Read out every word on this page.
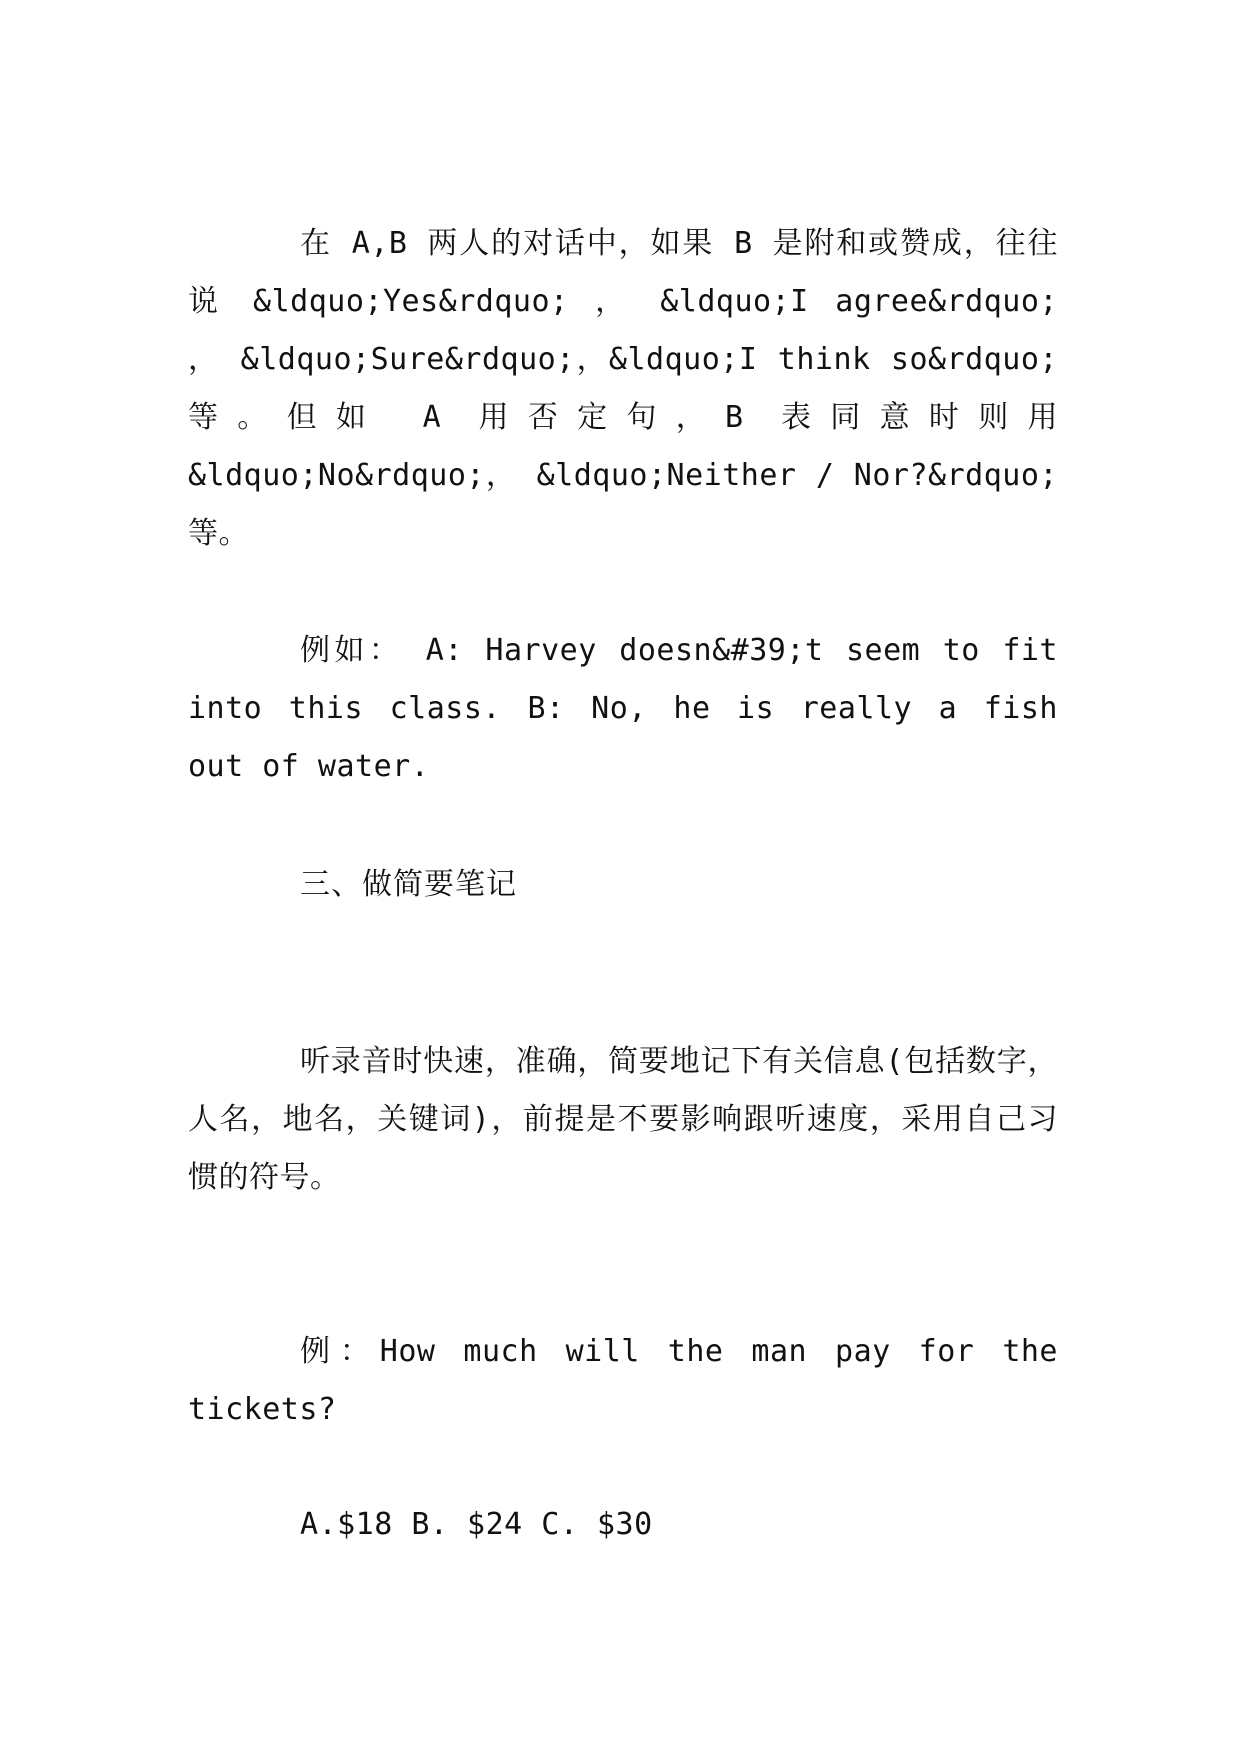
在 A,B 两人的对话中，如果 B 是附和或赞成，往往说 &ldquo;Yes&rdquo; ， &ldquo;I agree&rdquo; ， &ldquo;Sure&rdquo;，&ldquo;I think so&rdquo;等。但如 A 用否定句，B 表同意时则用 &ldquo;No&rdquo;， &ldquo;Neither / Nor?&rdquo;等。

例如： A: Harvey doesn&#39;t seem to fit into this class. B: No, he is really a fish out of water.

三、做简要笔记

听录音时快速，准确，简要地记下有关信息(包括数字，人名，地名，关键词)，前提是不要影响跟听速度，采用自己习惯的符号。

例：How much will the man pay for the tickets?

A.$18 B. $24 C. $30
